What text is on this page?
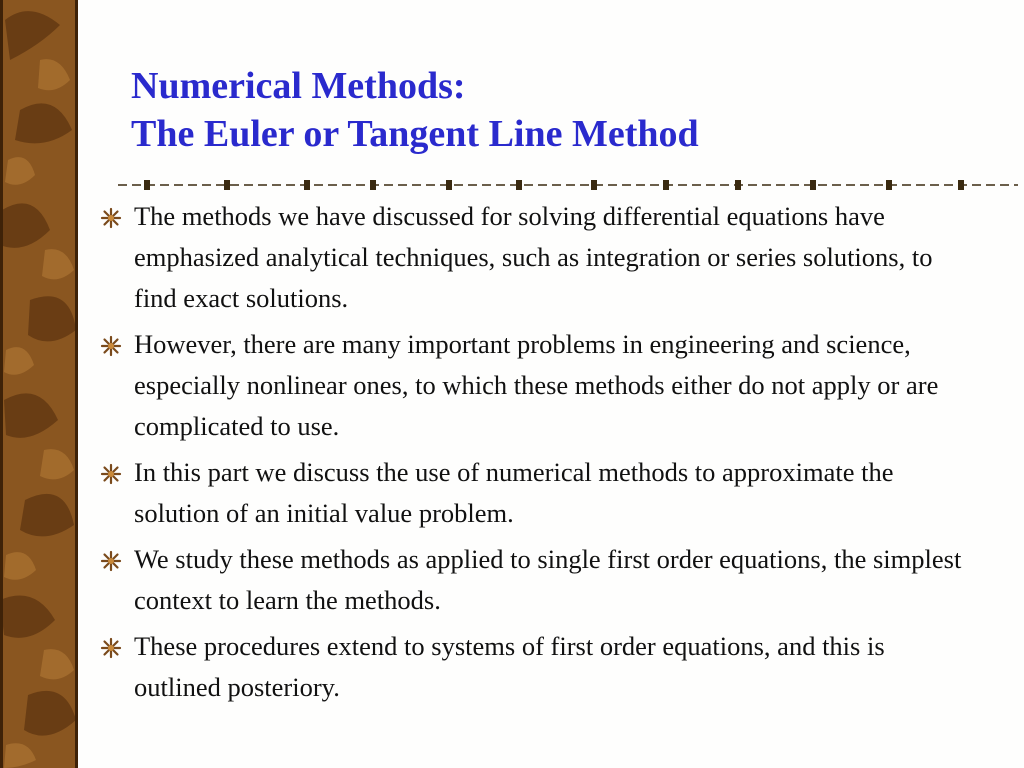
Numerical Methods:
The Euler or Tangent Line Method
The methods we have discussed for solving differential equations have emphasized analytical techniques, such as integration or series solutions, to find exact solutions.
However, there are many important problems in engineering and science, especially nonlinear ones, to which these methods either do not apply or are complicated to use.
In this part we discuss the use of numerical methods to approximate the solution of an initial value problem.
We study these methods as applied to single first order equations, the simplest context to learn the methods.
These procedures extend to systems of first order equations, and this is outlined posteriory.
